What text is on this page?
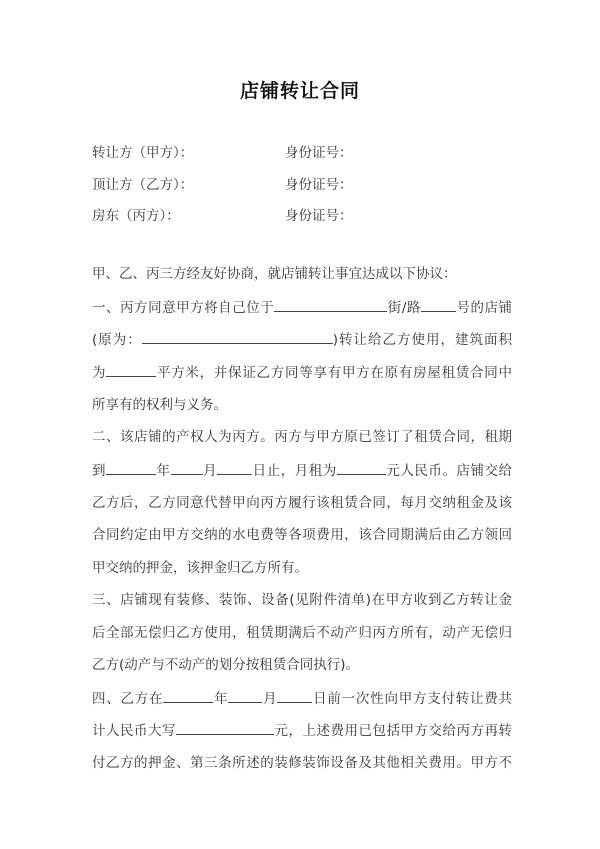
店铺转让合同
转让方（甲方）：	身份证号：
顶让方（乙方）：	身份证号：
房东（丙方）：	身份证号：
甲、乙、丙三方经友好协商，就店铺转让事宜达成以下协议：
一、丙方同意甲方将自己位于	街/路	号的店铺
(原为：	)转让给乙方使用，建筑面积
为	平方米，并保证乙方同等享有甲方在原有房屋租赁合同中
所享有的权利与义务。
二、该店铺的产权人为丙方。丙方与甲方原已签订了租赁合同，租期
到	年 月	日止，月租为	元人民币。店铺交给
乙方后，乙方同意代替甲向丙方履行该租赁合同，每月交纳租金及该
合同约定由甲方交纳的水电费等各项费用，该合同期满后由乙方领回
甲交纳的押金，该押金归乙方所有。
三、店铺现有装修、装饰、设备(见附件清单)在甲方收到乙方转让金
后全部无偿归乙方使用，租赁期满后不动产归丙方所有，动产无偿归
乙方(动产与不动产的划分按租赁合同执行)。
四、乙方在	年	月	日前一次性向甲方支付转让费共
计人民币大写	元，上述费用已包括甲方交给丙方再转
付乙方的押金、第三条所述的装修装饰设备及其他相关费用。甲方不
